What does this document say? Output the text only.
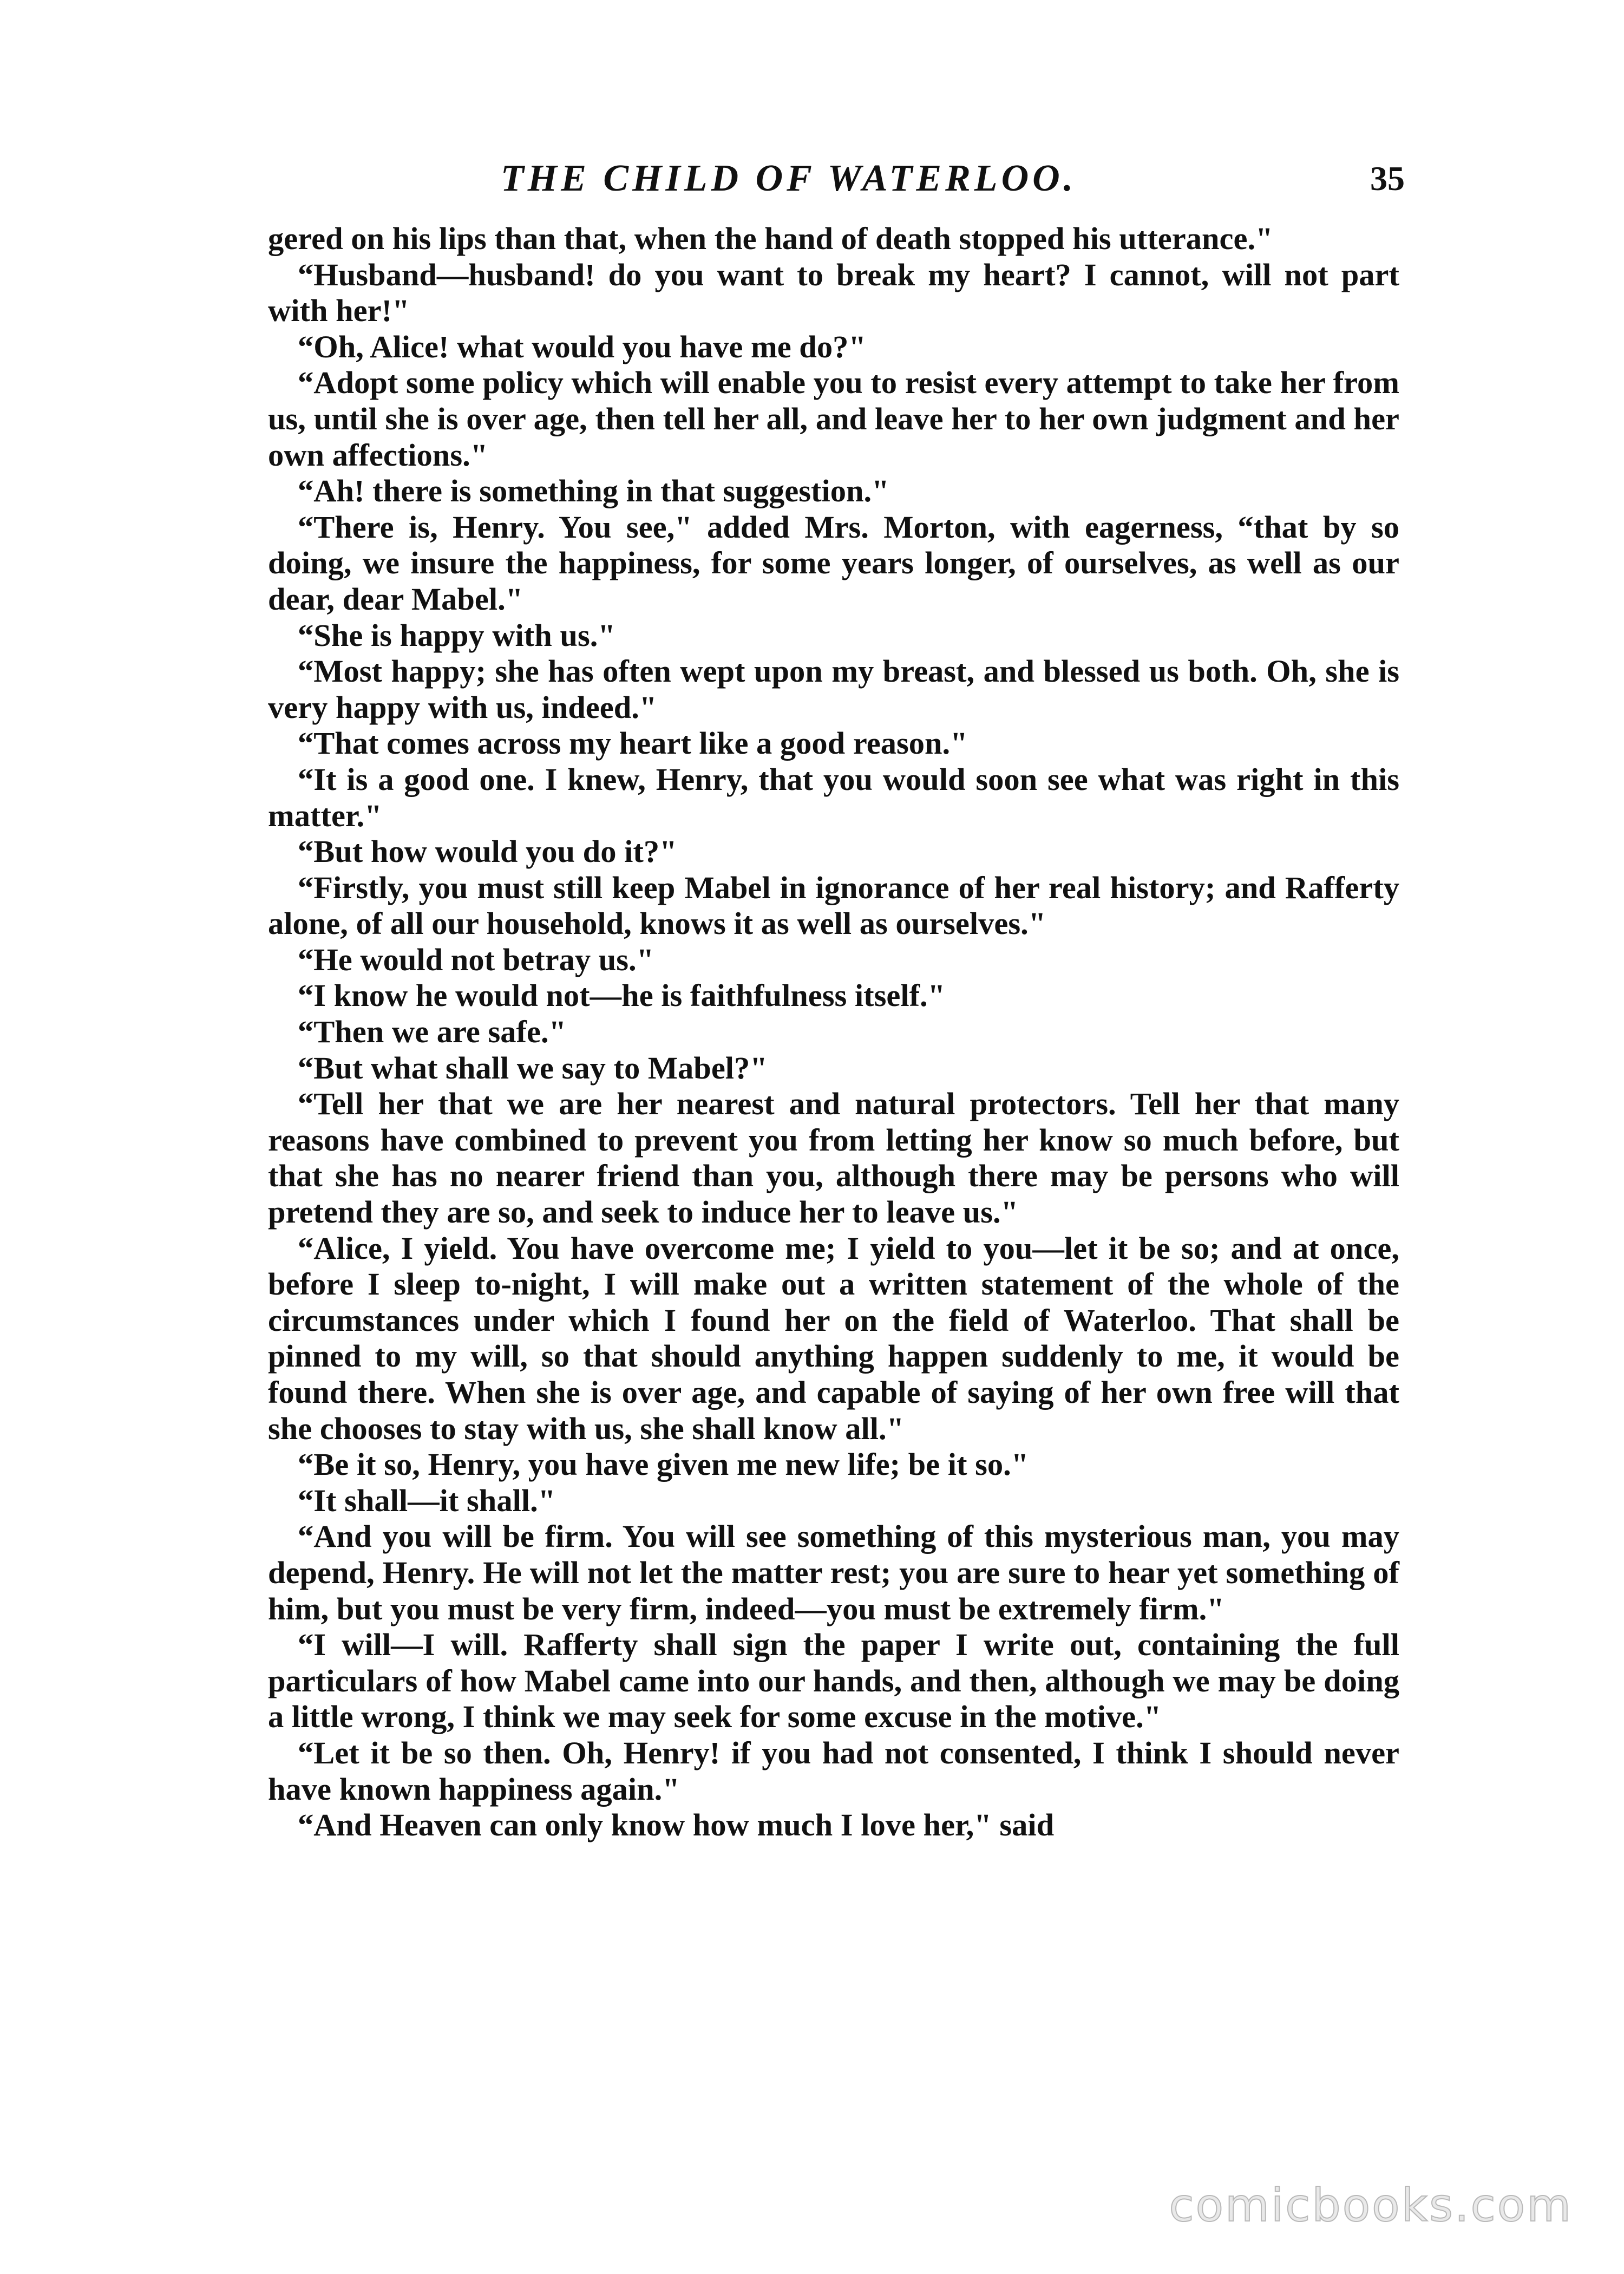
THE CHILD OF WATERLOO.	35

gered on his lips than that, when the hand of death stopped his utterance."

“Husband—husband! do you want to break my heart? I cannot, will not part with her!"

“Oh, Alice! what would you have me do?"

“Adopt some policy which will enable you to resist every attempt to take her from us, until she is over age, then tell her all, and leave her to her own judgment and her own affections."

“Ah! there is something in that suggestion."

“There is, Henry. You see," added Mrs. Morton, with eagerness, “that by so doing, we insure the happiness, for some years longer, of ourselves, as well as our dear, dear Mabel."

“She is happy with us."

“Most happy; she has often wept upon my breast, and blessed us both. Oh, she is very happy with us, indeed."

“That comes across my heart like a good reason."

“It is a good one. I knew, Henry, that you would soon see what was right in this matter."

“But how would you do it?"

“Firstly, you must still keep Mabel in ignorance of her real history; and Rafferty alone, of all our household, knows it as well as ourselves."

“He would not betray us."

“I know he would not—he is faithfulness itself."

“Then we are safe."

“But what shall we say to Mabel?"

“Tell her that we are her nearest and natural protectors. Tell her that many reasons have combined to prevent you from letting her know so much before, but that she has no nearer friend than you, although there may be persons who will pretend they are so, and seek to induce her to leave us."

“Alice, I yield. You have overcome me; I yield to you—let it be so; and at once, before I sleep to-night, I will make out a written statement of the whole of the circumstances under which I found her on the field of Waterloo. That shall be pinned to my will, so that should anything happen suddenly to me, it would be found there. When she is over age, and capable of saying of her own free will that she chooses to stay with us, she shall know all."

“Be it so, Henry, you have given me new life; be it so."

“It shall—it shall."

“And you will be firm. You will see something of this mysterious man, you may depend, Henry. He will not let the matter rest; you are sure to hear yet something of him, but you must be very firm, indeed—you must be extremely firm."

“I will—I will. Rafferty shall sign the paper I write out, containing the full particulars of how Mabel came into our hands, and then, although we may be doing a little wrong, I think we may seek for some excuse in the motive."

“Let it be so then. Oh, Henry! if you had not consented, I think I should never have known happiness again."

“And Heaven can only know how much I love her," said

comicbooks.com
